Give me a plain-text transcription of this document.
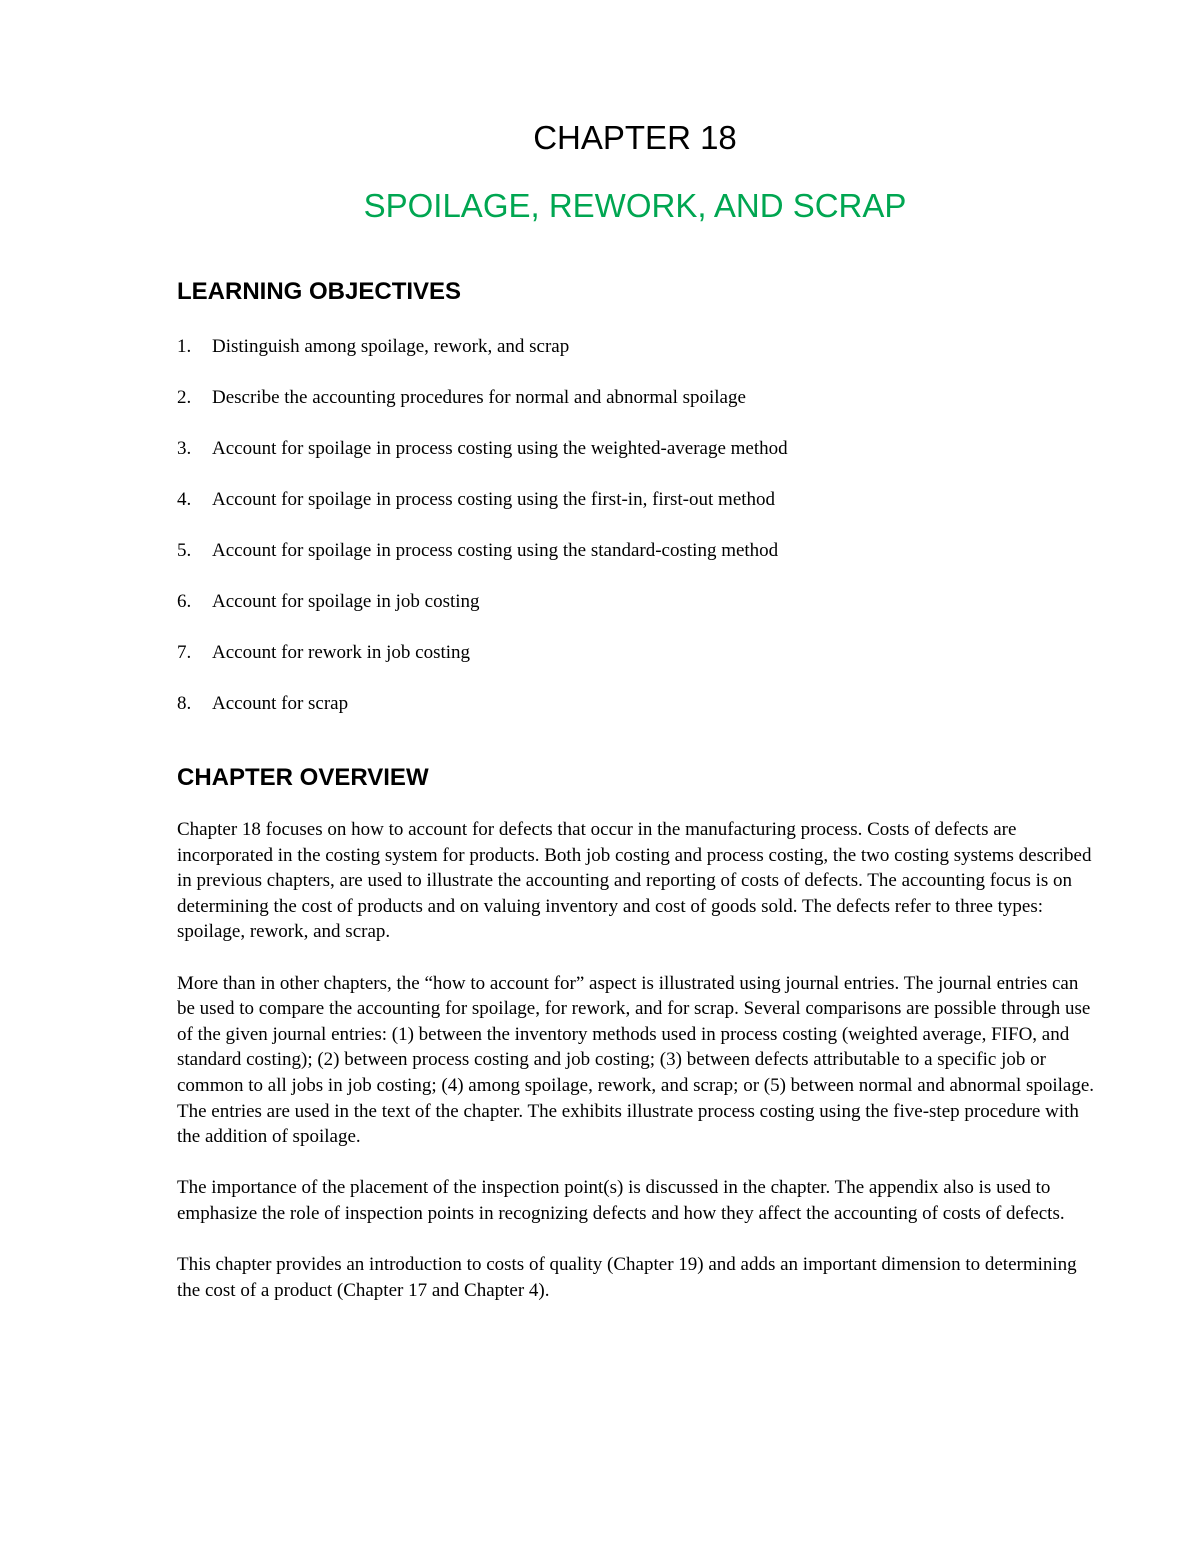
CHAPTER 18
SPOILAGE, REWORK, AND SCRAP
LEARNING OBJECTIVES
1.	Distinguish among spoilage, rework, and scrap
2.	Describe the accounting procedures for normal and abnormal spoilage
3.	Account for spoilage in process costing using the weighted-average method
4.	Account for spoilage in process costing using the first-in, first-out method
5.	Account for spoilage in process costing using the standard-costing method
6.	Account for spoilage in job costing
7.	Account for rework in job costing
8.	Account for scrap
CHAPTER OVERVIEW

Chapter 18 focuses on how to account for defects that occur in the manufacturing process. Costs of defects are incorporated in the costing system for products. Both job costing and process costing, the two costing systems described in previous chapters, are used to illustrate the accounting and reporting of costs of defects. The accounting focus is on determining the cost of products and on valuing inventory and cost of goods sold. The defects refer to three types: spoilage, rework, and scrap.

More than in other chapters, the “how to account for” aspect is illustrated using journal entries. The journal entries can be used to compare the accounting for spoilage, for rework, and for scrap. Several comparisons are possible through use of the given journal entries: (1) between the inventory methods used in process costing (weighted average, FIFO, and standard costing); (2) between process costing and job costing; (3) between defects attributable to a specific job or common to all jobs in job costing; (4) among spoilage, rework, and scrap; or (5) between normal and abnormal spoilage. The entries are used in the text of the chapter. The exhibits illustrate process costing using the five-step procedure with the addition of spoilage.

The importance of the placement of the inspection point(s) is discussed in the chapter. The appendix also is used to emphasize the role of inspection points in recognizing defects and how they affect the accounting of costs of defects.

This chapter provides an introduction to costs of quality (Chapter 19) and adds an important dimension to determining the cost of a product (Chapter 17 and Chapter 4).
